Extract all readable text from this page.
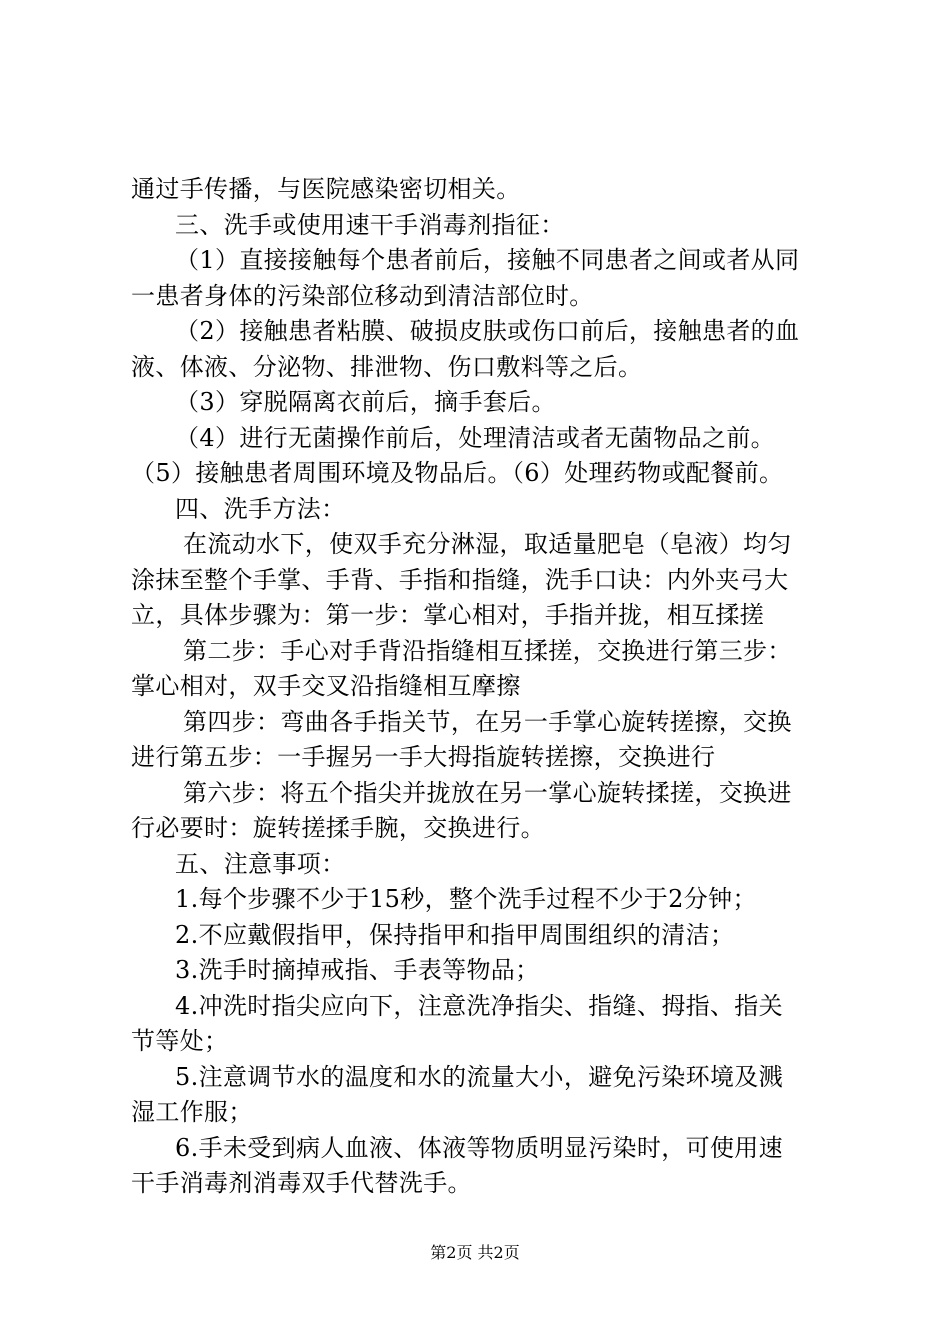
通过手传播，与医院感染密切相关。
三、洗手或使用速干手消毒剂指征：
（1）直接接触每个患者前后，接触不同患者之间或者从同
一患者身体的污染部位移动到清洁部位时。
（2）接触患者粘膜、破损皮肤或伤口前后，接触患者的血
液、体液、分泌物、排泄物、伤口敷料等之后。
（3）穿脱隔离衣前后，摘手套后。
（4）进行无菌操作前后，处理清洁或者无菌物品之前。
（5）接触患者周围环境及物品后。（6）处理药物或配餐前。
四、洗手方法：
在流动水下，使双手充分淋湿，取适量肥皂（皂液）均匀
涂抹至整个手掌、手背、手指和指缝，洗手口诀：内外夹弓大
立，具体步骤为：第一步：掌心相对，手指并拢，相互揉搓
第二步：手心对手背沿指缝相互揉搓，交换进行第三步：
掌心相对，双手交叉沿指缝相互摩擦
第四步：弯曲各手指关节，在另一手掌心旋转搓擦，交换
进行第五步：一手握另一手大拇指旋转搓擦，交换进行
第六步：将五个指尖并拢放在另一掌心旋转揉搓，交换进
行必要时：旋转搓揉手腕，交换进行。
五、注意事项：
1.每个步骤不少于15秒，整个洗手过程不少于2分钟；
2.不应戴假指甲，保持指甲和指甲周围组织的清洁；
3.洗手时摘掉戒指、手表等物品；
4.冲洗时指尖应向下，注意洗净指尖、指缝、拇指、指关
节等处；
5.注意调节水的温度和水的流量大小，避免污染环境及溅
湿工作服；
6.手未受到病人血液、体液等物质明显污染时，可使用速
干手消毒剂消毒双手代替洗手。
第2页 共2页
